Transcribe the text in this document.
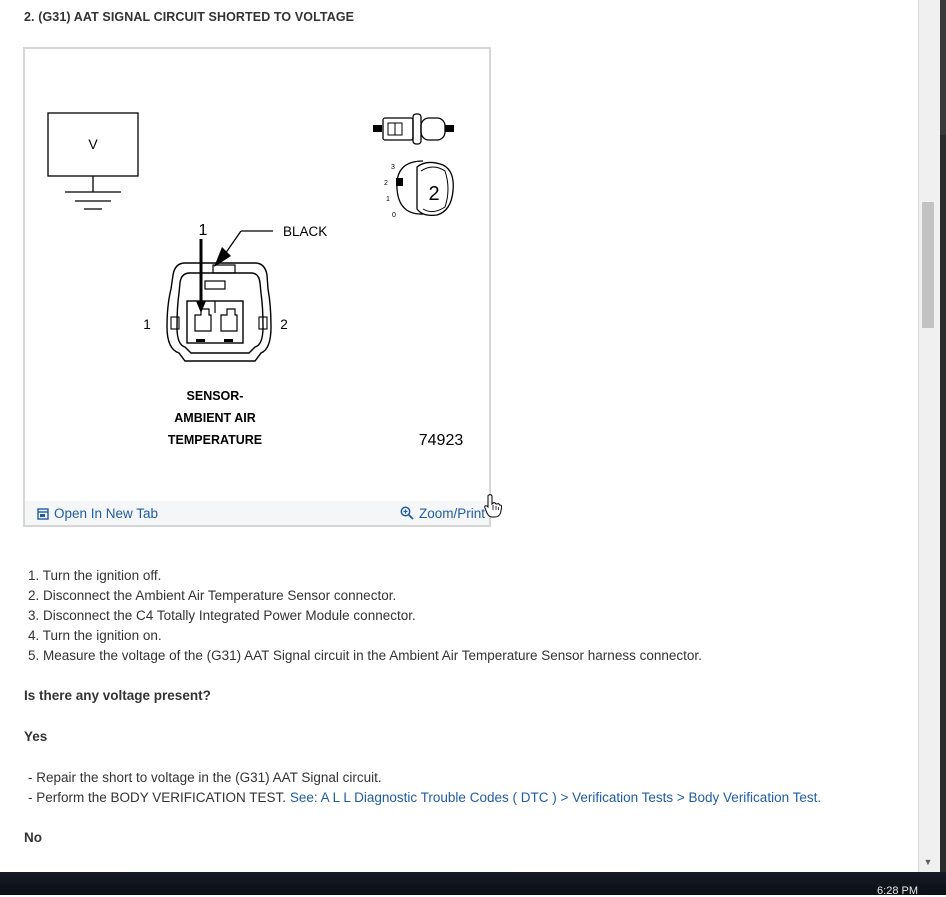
2. (G31) AAT SIGNAL CIRCUIT SHORTED TO VOLTAGE
V
3
2
1
0
2
1	BLACK
1	2
SENSOR-
AMBIENT AIR
TEMPERATURE	74923
Open In New Tab	Zoom/Print
1. Turn the ignition off.
2. Disconnect the Ambient Air Temperature Sensor connector.
3. Disconnect the C4 Totally Integrated Power Module connector.
4. Turn the ignition on.
5. Measure the voltage of the (G31) AAT Signal circuit in the Ambient Air Temperature Sensor harness connector.
Is there any voltage present?
Yes
- Repair the short to voltage in the (G31) AAT Signal circuit.
- Perform the BODY VERIFICATION TEST. See: A L L Diagnostic Trouble Codes ( DTC ) > Verification Tests > Body Verification Test.
No
▼
6:28 PM
